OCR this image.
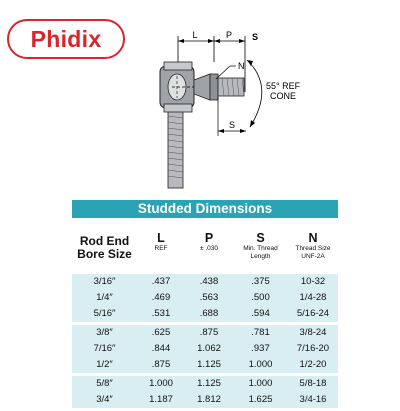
Phidix	L	P S
N
55° REF
CONE
S
Studded Dimensions
Rod End
Bore Size
L
REF
P
± .030
S
Min. Thread
Length
N
Thread Size
UNF-2A
3/16″	.437	.438	.375	10-32
1/4″	.469	.563	.500	1/4-28
5/16″	.531	.688	.594	5/16-24
3/8″	.625	.875	.781	3/8-24
7/16″	.844	1.062	.937	7/16-20
1/2″	.875	1.125	1.000	1/2-20
5/8″	1.000	1.125	1.000	5/8-18
3/4″	1.187	1.812	1.625	3/4-16
